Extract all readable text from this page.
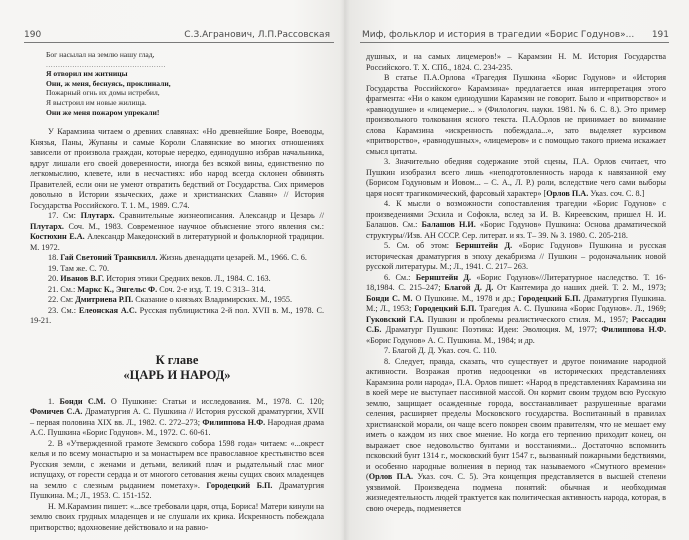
190	С.З.Агранович, Л.П.Рассовская

Бог насылал на землю нашу глад,

..................................................

Я отворил им житницы

Они, ж меня, беснуясь, проклинали,

Пожарный огнь их домы истребил,

Я выстроил им новые жилища.

Они же меня пожаром упрекали!

У Карамзина читаем о древних славянах: «Но древнейшие Бояре, Воеводы, Князья, Паны, Жупаны и самые Короли Славянские во многих отношениях зависели от произвола граждан, которые нередко, единодушно избрав начальника, вдруг лишали его своей доверенности, иногда без всякой вины, единственно по легкомыслию, клевете, или в несчастиях: ибо народ всегда склонен обвинять Правителей, если они не умеют отвратить бедствий от Государства. Сих примеров довольно в Истории языческих, даже и христианских Славян» // История Государства Российского. Т. 1. М., 1989. С.74.

17. См: Плутарх. Сравнительные жизнеописания. Александр и Цезарь // Плутарх. Соч. М., 1983. Современное научное объяснение этого явления см.: Костюхин Е.А. Александр Македонский в литературной и фольклорной традиции. М. 1972.

18. Гай Светоний Транквилл. Жизнь двенадцати цезарей. М., 1966. С. 6.

19. Там же. С. 70.

20. Иванов В.Г. История этики Средних веков. Л., 1984. С. 163.

21. См.: Маркс К., Энгельс Ф. Соч. 2-е изд. Т. 19. С 313– 314.

22. См: Дмитриева Р.П. Сказание о князьях Владимирских. М., 1955.

23. См.: Елеонская А.С. Русская публицистика 2-й пол. XVII в. М., 1978. С. 19-21.

К главе
«ЦАРЬ И НАРОД»

1. Бонди С.М. О Пушкине: Статьи и исследования. М., 1978. С. 120; Фомичев С.А. Драматургия А. С. Пушкина // История русской драматургии, XVII – первая половина XIX вв. Л., 1982. С. 272–273; Филиппова Н.Ф. Народная драма А.С. Пушкина «Борис Годунов». М., 1972. С. 60-61.

2. В «Утвержденной грамоте Земского собора 1598 года» читаем: «...окрест келья и по всему монастырю и за монастырем все православное крестьянство всея Русския земли, с женами и детьми, великий плач и рыдательный глас миог испущаху, от горести сердца и от многого сетования жены сущих своих младенцев на землю с слезным рыданием пометаху». Городецкий Б.П. Драматургия Пушкина. М.; Л., 1953. С. 151-152.

Н. М.Карамзин пишет: «...все требовали царя, отца, Бориса! Матери кинули на землю своих грудных младенцев и не слушали их крика. Искренность побеждала притворство; вдохновение действовало и на равно-

Миф, фольклор и история в трагедии «Борис Годунов»... 191

душных, и на самых лицемеров!» – Карамзин Н. М. История Государства Российского. Т. Х. СПб., 1824. С. 234-235.

В статье П.А.Орлова «Трагедия Пушкина «Борис Годунов» и «История Государства Российского» Карамзина» предлагается иная интерпретация этого фрагмента: «Ни о каком единодушии Карамзин не говорит. Было и «притворство» и «равнодушие» и «лицемерие... » (Филологич. науки. 1981. № 6. С. 8.). Это пример произвольного толкования ясного текста. П.А.Орлов не принимает во внимание слова Карамзина «искренность побеждала...», зато выделяет курсивом «притворство», «равнодушных», «лицемеров» и с помощью такого приема искажает смысл цитаты.

3. Значительно обедняя содержание этой сцены, П.А. Орлов считает, что Пушкин изобразил всего лишь «неподготовленность народа к навязанной ему (Борисом Годуновым и Иовом... – С. А., Л. Р.) роли, вследствие чего сами выборы царя носят трагикомический, фарсовый характер» [Орлов П.А. Указ. соч. С. 8.]

4. К мысли о возможности сопоставления трагедии «Борис Годунов» с произведениями Эсхила и Софокла, вслед за И. В. Киреевским, пришел Н. И. Балашов. См.: Балашов Н.И. «Борис Годунов» Пушкина: Основа драматической структуры//Изв. АН СССР. Сер. литерат. и яз. Т– 39. № 3. 1980. С. 205-218.

5. См. об этом: Бернштейн Д. «Борис Годунов» Пушкина и русская историческая драматургия в эпоху декабризма // Пушкин – родоначальник новой русской литературы. М.; Л., 1941. С. 217– 263.

6. См.: Бернштейн Д. «Борис Годунов»//Литературное наследство. Т. 16-18,1984. С. 215–247; Благой Д. Д. От Кантемира до наших дней. Т. 2. М., 1973; Бонди С. М. О Пушкине. М., 1978 и др.; Городецкий Б.П. Драматургия Пушкина. М.; Л., 1953; Городецкий Б.П. Трагедия А. С. Пушкина «Борис Годунов». Л., 1969; Гуковский Г.А. Пушкин и проблемы реалистического стиля. М., 1957; Рассадин С.Б. Драматург Пушкин: Поэтика: Идеи: Эволюция. М, 1977; Филиппова Н.Ф. «Борис Годунов» А. С. Пушкина. М., 1984; и др.

7. Благой Д. Д. Указ. соч. С. 110.

8. Следует, правда, сказать, что существует и другое понимание народной активности. Возражая против недооценки «в исторических представлениях Карамзина роли народа», П.А. Орлов пишет: «Народ в представлениях Карамзина ни в коей мере не выступает пассивной массой. Он кормит своим трудом всю Русскую землю, защищает осажденные города, восстанавливает разрушенные врагами селения, расширяет пределы Московского государства. Воспитанный в правилах христианской морали, он чаще всего покорен своим правителям, что не мешает ему иметь о каждом из них свое мнение. Но когда его терпению приходит конец, он выражает свое недовольство бунтами и восстаниями... Достаточно вспомнить псковский бунт 1314 г., московский бунт 1547 г., вызванный пожарными бедствиями, и особенно народные волнения в период так называемого «Смутного времени» (Орлов П.А. Указ. соч. С. 5). Эта концепция представляется в высшей степени уязвимой. Произведена подмена понятий: обычная и необходимая жизнедеятельность людей трактуется как политическая активность народа, которая, в свою очередь, подменяется
